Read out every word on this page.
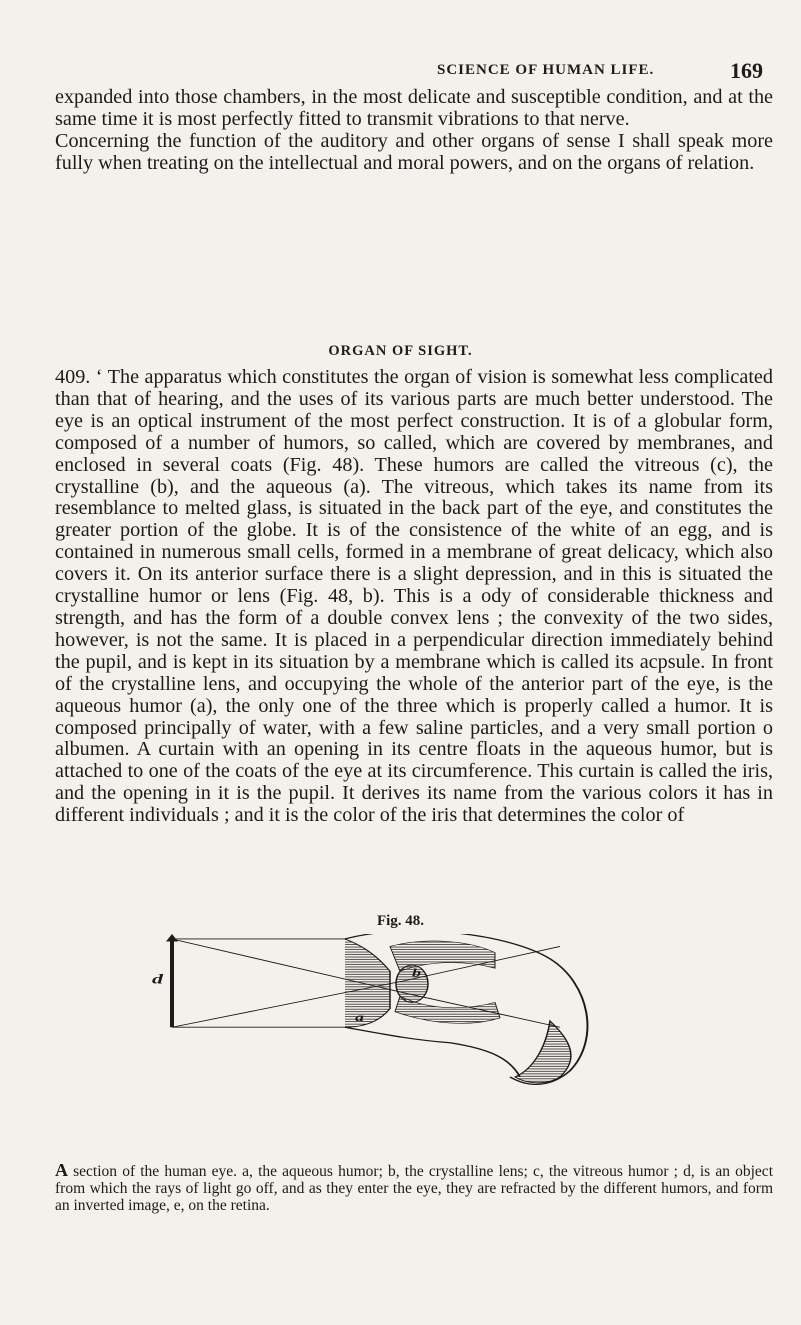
SCIENCE OF HUMAN LIFE.	169

expanded into those chambers, in the most delicate and susceptible condition, and at the same time it is most perfectly fitted to transmit vibrations to that nerve.

Concerning the function of the auditory and other organs of sense I shall speak more fully when treating on the intellectual and moral powers, and on the organs of relation.

ORGAN OF SIGHT.
409. ‘ The apparatus which constitutes the organ of vision is somewhat less complicated than that of hearing, and the uses of its various parts are much better understood. The eye is an optical instrument of the most perfect construction. It is of a globular form, composed of a number of humors, so called, which are covered by membranes, and enclosed in several coats (Fig. 48). These humors are called the vitreous (c), the crystalline (b), and the aqueous (a). The vitreous, which takes its name from its resemblance to melted glass, is situated in the back part of the eye, and constitutes the greater portion of the globe. It is of the consistence of the white of an egg, and is contained in numerous small cells, formed in a membrane of great delicacy, which also covers it. On its anterior surface there is a slight depression, and in this is situated the crystalline humor or lens (Fig. 48, b). This is a ody of considerable thickness and strength, and has the form of a double convex lens ; the convexity of the two sides, however, is not the same. It is placed in a perpendicular direction immediately behind the pupil, and is kept in its situation by a membrane which is called its acpsule. In front of the crystalline lens, and occupying the whole of the anterior part of the eye, is the aqueous humor (a), the only one of the three which is properly called a humor. It is composed principally of water, with a few saline particles, and a very small portion o albumen. A curtain with an opening in its centre floats in the aqueous humor, but is attached to one of the coats of the eye at its circumference. This curtain is called the iris, and the opening in it is the pupil. It derives its name from the various colors it has in different individuals ; and it is the color of the iris that determines the color of
Fig. 48.
d	b
a
A section of the human eye. a, the aqueous humor; b, the crystalline lens; c, the vitreous humor ; d, is an object from which the rays of light go off, and as they enter the eye, they are refracted by the different humors, and form an inverted image, e, on the retina.
